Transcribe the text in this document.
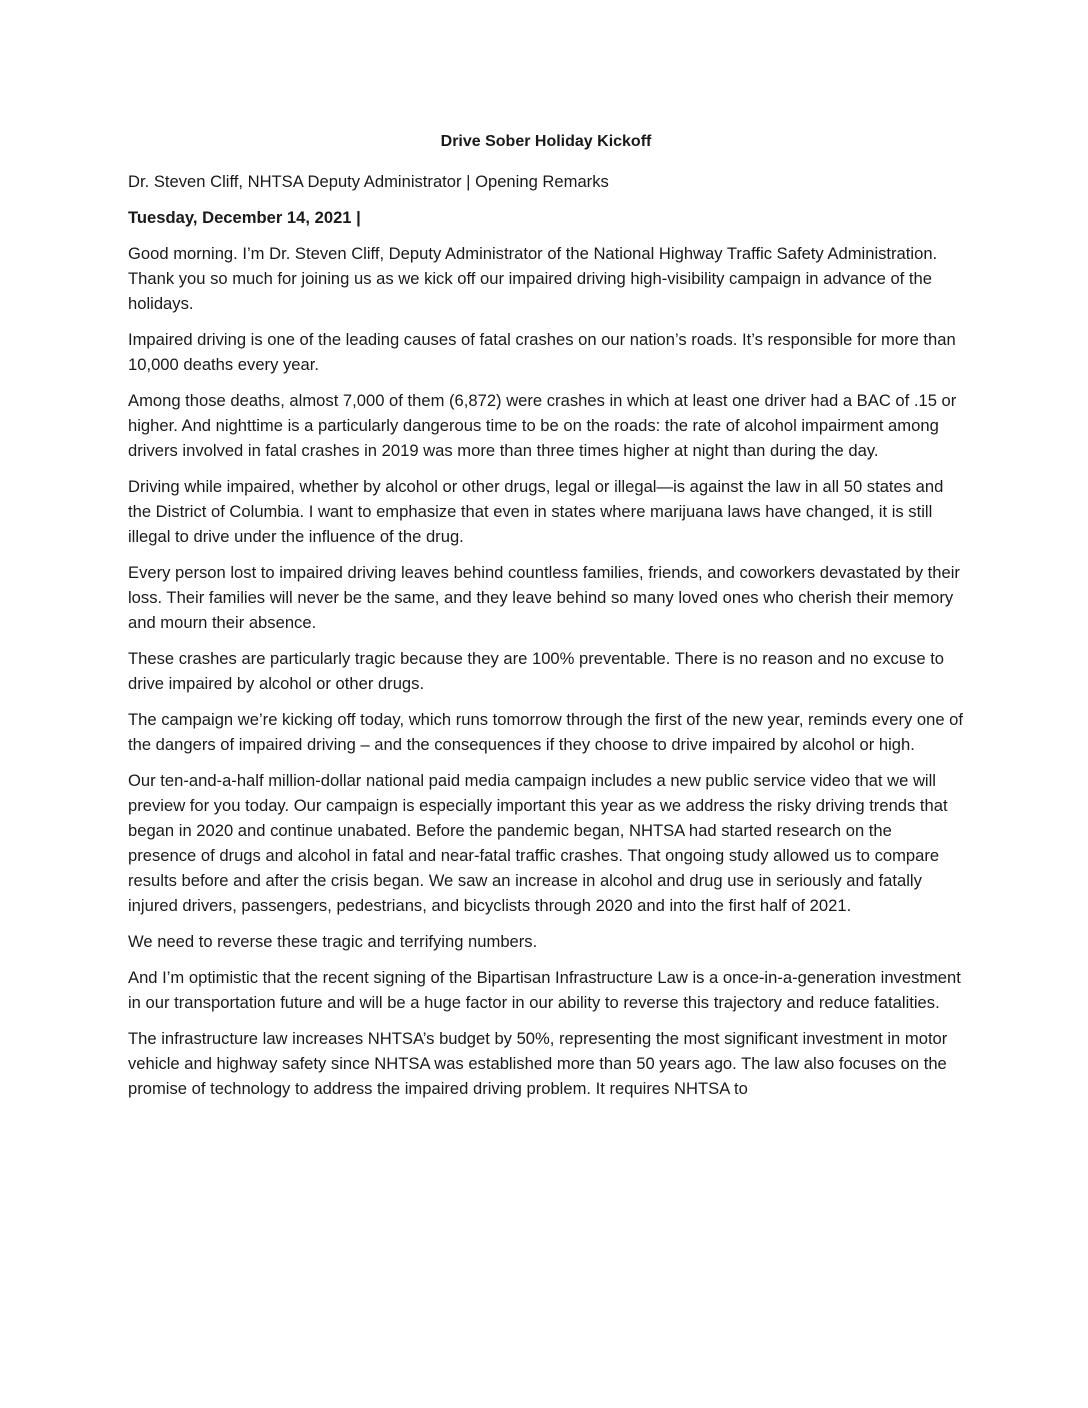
Drive Sober Holiday Kickoff
Dr. Steven Cliff, NHTSA Deputy Administrator | Opening Remarks
Tuesday, December 14, 2021 |

Good morning. I’m Dr. Steven Cliff, Deputy Administrator of the National Highway Traffic Safety Administration. Thank you so much for joining us as we kick off our impaired driving high-visibility campaign in advance of the holidays.

Impaired driving is one of the leading causes of fatal crashes on our nation’s roads. It’s responsible for more than 10,000 deaths every year.

Among those deaths, almost 7,000 of them (6,872) were crashes in which at least one driver had a BAC of .15 or higher. And nighttime is a particularly dangerous time to be on the roads: the rate of alcohol impairment among drivers involved in fatal crashes in 2019 was more than three times higher at night than during the day.

Driving while impaired, whether by alcohol or other drugs, legal or illegal—is against the law in all 50 states and the District of Columbia. I want to emphasize that even in states where marijuana laws have changed, it is still illegal to drive under the influence of the drug.

Every person lost to impaired driving leaves behind countless families, friends, and coworkers devastated by their loss. Their families will never be the same, and they leave behind so many loved ones who cherish their memory and mourn their absence.

These crashes are particularly tragic because they are 100% preventable. There is no reason and no excuse to drive impaired by alcohol or other drugs.

The campaign we’re kicking off today, which runs tomorrow through the first of the new year, reminds every one of the dangers of impaired driving – and the consequences if they choose to drive impaired by alcohol or high.

Our ten-and-a-half million-dollar national paid media campaign includes a new public service video that we will preview for you today. Our campaign is especially important this year as we address the risky driving trends that began in 2020 and continue unabated. Before the pandemic began, NHTSA had started research on the presence of drugs and alcohol in fatal and near-fatal traffic crashes. That ongoing study allowed us to compare results before and after the crisis began. We saw an increase in alcohol and drug use in seriously and fatally injured drivers, passengers, pedestrians, and bicyclists through 2020 and into the first half of 2021.

We need to reverse these tragic and terrifying numbers.

And I’m optimistic that the recent signing of the Bipartisan Infrastructure Law is a once-in-a-generation investment in our transportation future and will be a huge factor in our ability to reverse this trajectory and reduce fatalities.

The infrastructure law increases NHTSA’s budget by 50%, representing the most significant investment in motor vehicle and highway safety since NHTSA was established more than 50 years ago. The law also focuses on the promise of technology to address the impaired driving problem. It requires NHTSA to
